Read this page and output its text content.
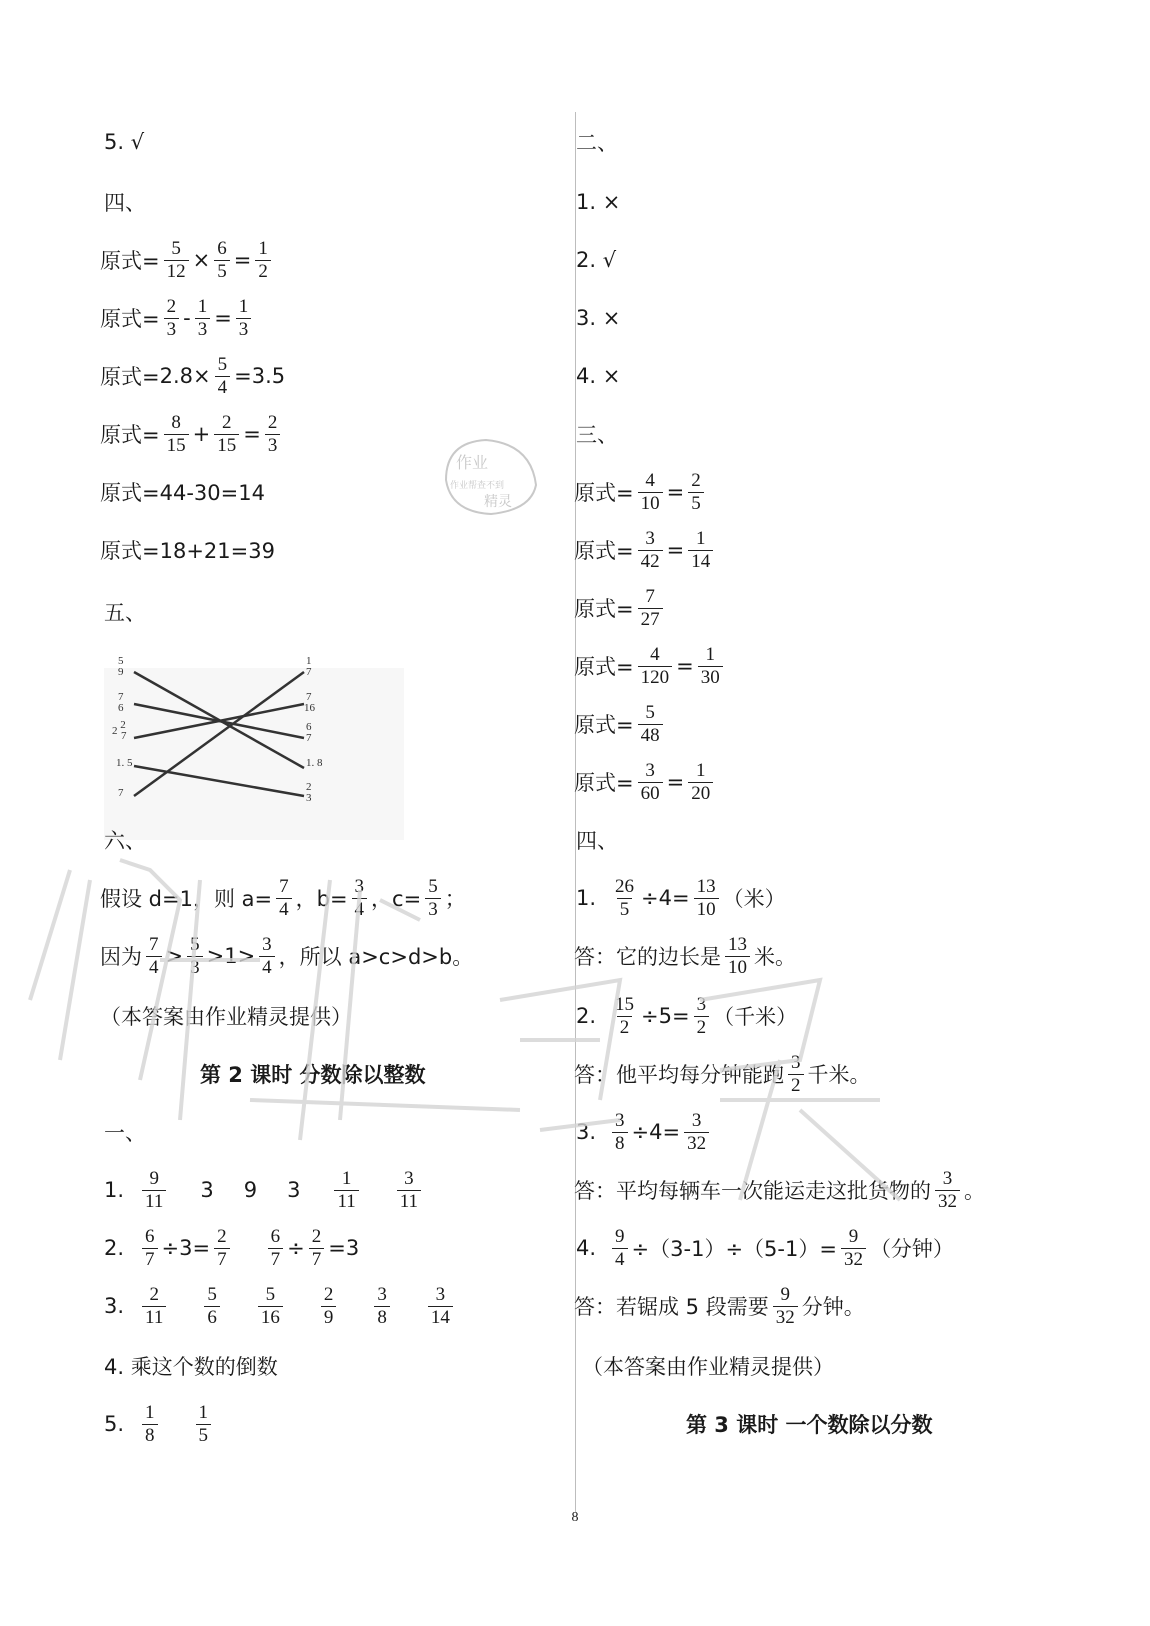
5. √
四、
原式= $\frac{5}{12} \times \frac{6}{5} = \frac{1}{2}$
原式= $\frac{2}{3} - \frac{1}{3} = \frac{1}{3}$
原式= $2.8\times \frac{5}{4} =3.5$
原式= $\frac{8}{15} + \frac{2}{15} = \frac{2}{3}$
原式=44-30=14
原式=18+21=39
五、
5 9
7 6
2 2 7
1. 5
7
1 7
7 16
6 7
1. 8
2 3
六、
假设 d=1，则 $a= \frac{7}{4}$ ，$b= \frac{3}{4}$ ，$c= \frac{5}{3}$ ；
因为
7
4 > 5
3 >1> 3
4 ，所以 a>c>d>b。
（本答案由作业精灵提供）
第 2 课时 分数除以整数
一、
1. 9
11 3 9 3 1
11
3
11
2. $\frac{6}{7} \div 3= \frac{2}{7} \frac{6}{7} \div \frac{2}{7} =3$
3. 2
11
5
6
5
16
2
9
3
8
3
14
4. 乘这个数的倒数
5. 1
8
1
5
二、
1. ×
2. √
3. ×
4. ×
三、
原式= $\frac{4}{10} = \frac{2}{5}$
原式= $\frac{3}{42} = \frac{1}{14}$
原式= $\frac{7}{27}$
原式= $\frac{4}{120} = \frac{1}{30}$
原式= $\frac{5}{48}$
原式= $\frac{3}{60} = \frac{1}{20}$
四、
1. $\frac{26}{5} \div 4= \frac{13}{10}$ （米）
答：它的边长是
13
10 米。
2. $\frac{15}{2} \div 5= \frac{3}{2}$ （千米）
答：他平均每分钟能跑
3
2 千米。
3. $\frac{3}{8} \div 4= \frac{3}{32}$
答：平均每辆车一次能运走这批货物的
3
32 。
4. $\frac{9}{4} \div(3-1)\div(5-1)= \frac{9}{32}$ （分钟）
答：若锯成 5 段需要
9
32 分钟。
（本答案由作业精灵提供）
第 3 课时 一个数除以分数
8
作业
作业帮查不到
精灵
